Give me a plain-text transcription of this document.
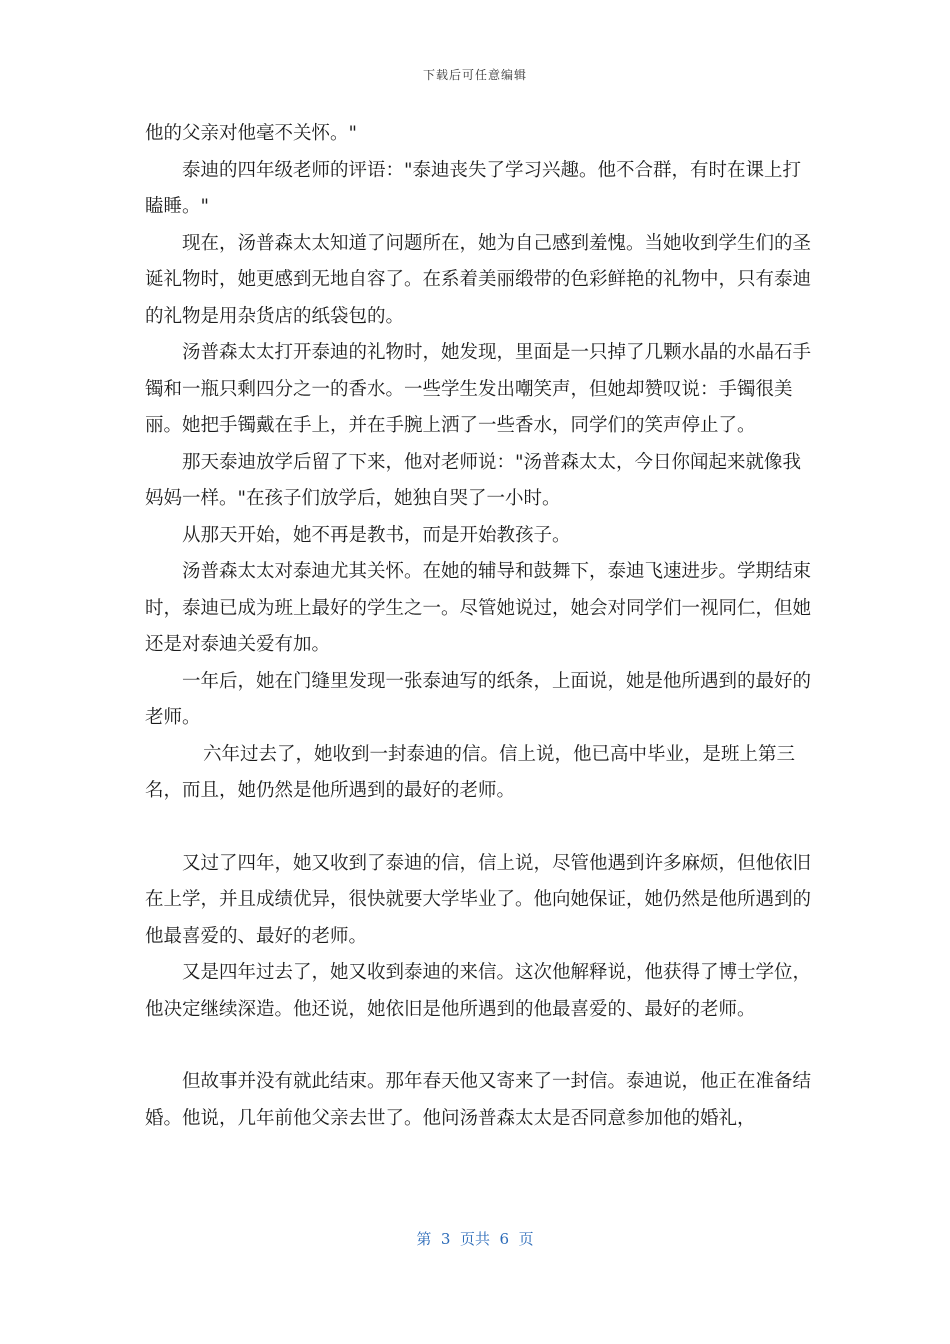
下载后可任意编辑

他的父亲对他毫不关怀。"

泰迪的四年级老师的评语："泰迪丧失了学习兴趣。他不合群，有时在课上打瞌睡。"

现在，汤普森太太知道了问题所在，她为自己感到羞愧。当她收到学生们的圣诞礼物时，她更感到无地自容了。在系着美丽缎带的色彩鲜艳的礼物中，只有泰迪的礼物是用杂货店的纸袋包的。

汤普森太太打开泰迪的礼物时，她发现，里面是一只掉了几颗水晶的水晶石手镯和一瓶只剩四分之一的香水。一些学生发出嘲笑声，但她却赞叹说：手镯很美丽。她把手镯戴在手上，并在手腕上洒了一些香水，同学们的笑声停止了。

那天泰迪放学后留了下来，他对老师说："汤普森太太，今日你闻起来就像我妈妈一样。"在孩子们放学后，她独自哭了一小时。

从那天开始，她不再是教书，而是开始教孩子。

汤普森太太对泰迪尤其关怀。在她的辅导和鼓舞下，泰迪飞速进步。学期结束时，泰迪已成为班上最好的学生之一。尽管她说过，她会对同学们一视同仁，但她还是对泰迪关爱有加。

一年后，她在门缝里发现一张泰迪写的纸条，上面说，她是他所遇到的最好的老师。

六年过去了，她收到一封泰迪的信。信上说，他已高中毕业，是班上第三名，而且，她仍然是他所遇到的最好的老师。

又过了四年，她又收到了泰迪的信，信上说，尽管他遇到许多麻烦，但他依旧在上学，并且成绩优异，很快就要大学毕业了。他向她保证，她仍然是他所遇到的他最喜爱的、最好的老师。

又是四年过去了，她又收到泰迪的来信。这次他解释说，他获得了博士学位，他决定继续深造。他还说，她依旧是他所遇到的他最喜爱的、最好的老师。

但故事并没有就此结束。那年春天他又寄来了一封信。泰迪说，他正在准备结婚。他说，几年前他父亲去世了。他问汤普森太太是否同意参加他的婚礼，

第  3  页共  6  页
